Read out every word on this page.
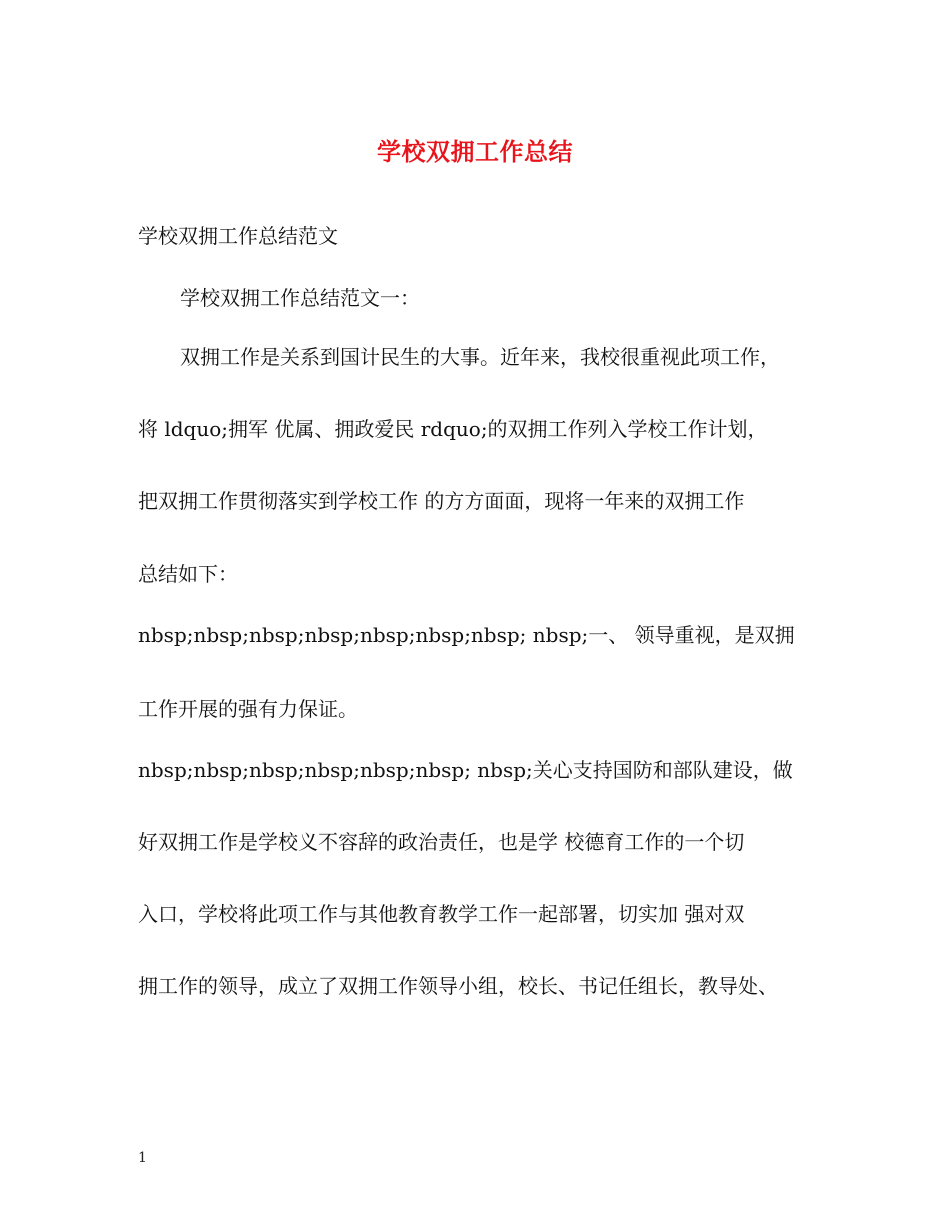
学校双拥工作总结
学校双拥工作总结范文
学校双拥工作总结范文一：
双拥工作是关系到国计民生的大事。近年来，我校很重视此项工作，
将 ldquo;拥军 优属、拥政爱民 rdquo;的双拥工作列入学校工作计划，
把双拥工作贯彻落实到学校工作 的方方面面，现将一年来的双拥工作
总结如下：
nbsp;nbsp;nbsp;nbsp;nbsp;nbsp;nbsp; nbsp;一、 领导重视，是双拥
工作开展的强有力保证。
nbsp;nbsp;nbsp;nbsp;nbsp;nbsp; nbsp;关心支持国防和部队建设，做
好双拥工作是学校义不容辞的政治责任，也是学 校德育工作的一个切
入口，学校将此项工作与其他教育教学工作一起部署，切实加 强对双
拥工作的领导，成立了双拥工作领导小组，校长、书记任组长，教导处、
1
